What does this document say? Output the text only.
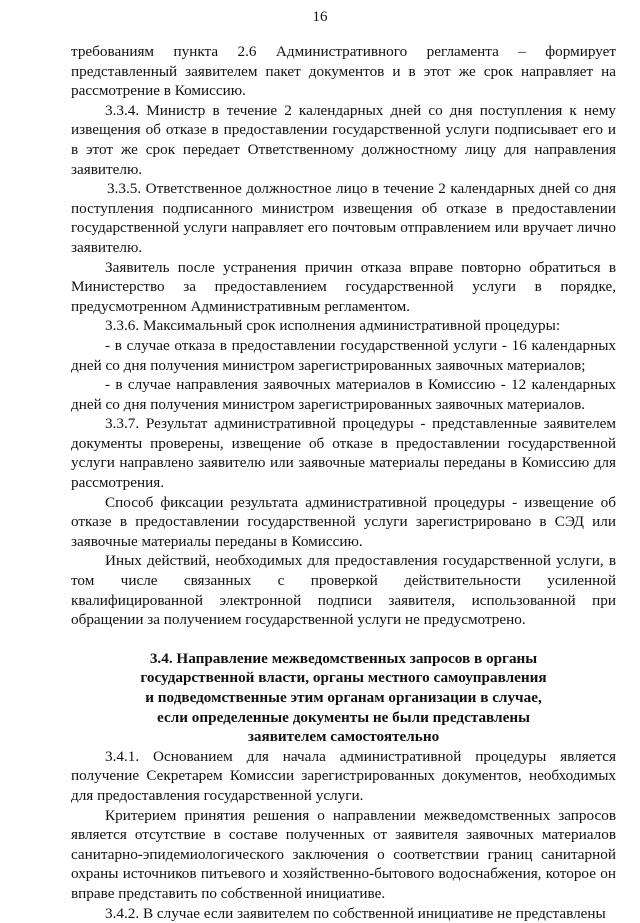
16

требованиям пункта 2.6 Административного регламента – формирует представленный заявителем пакет документов и в этот же срок направляет на рассмотрение в Комиссию.

3.3.4. Министр в течение 2 календарных дней со дня поступления к нему извещения об отказе в предоставлении государственной услуги подписывает его и в этот же срок передает Ответственному должностному лицу для направления заявителю.

3.3.5. Ответственное должностное лицо в течение 2 календарных дней со дня поступления подписанного министром извещения об отказе в предоставлении государственной услуги направляет его почтовым отправлением или вручает лично заявителю.

Заявитель после устранения причин отказа вправе повторно обратиться в Министерство за предоставлением государственной услуги в порядке, предусмотренном Административным регламентом.

3.3.6. Максимальный срок исполнения административной процедуры:

- в случае отказа в предоставлении государственной услуги - 16 календарных дней со дня получения министром зарегистрированных заявочных материалов;

- в случае направления заявочных материалов в Комиссию - 12 календарных дней со дня получения министром зарегистрированных заявочных материалов.

3.3.7. Результат административной процедуры - представленные заявителем документы проверены, извещение об отказе в предоставлении государственной услуги направлено заявителю или заявочные материалы переданы в Комиссию для рассмотрения.

Способ фиксации результата административной процедуры - извещение об отказе в предоставлении государственной услуги зарегистрировано в СЭД или заявочные материалы переданы в Комиссию.

Иных действий, необходимых для предоставления государственной услуги, в том числе связанных с проверкой действительности усиленной квалифицированной электронной подписи заявителя, использованной при обращении за получением государственной услуги не предусмотрено.

3.4. Направление межведомственных запросов в органы
государственной власти, органы местного самоуправления
и подведомственные этим органам организации в случае,
если определенные документы не были представлены
заявителем самостоятельно

3.4.1. Основанием для начала административной процедуры является получение Секретарем Комиссии зарегистрированных документов, необходимых для предоставления государственной услуги.

Критерием принятия решения о направлении межведомственных запросов является отсутствие в составе полученных от заявителя заявочных материалов санитарно-эпидемиологического заключения о соответствии границ санитарной охраны источников питьевого и хозяйственно-бытового водоснабжения, которое он вправе представить по собственной инициативе.

3.4.2. В случае если заявителем по собственной инициативе не представлены
